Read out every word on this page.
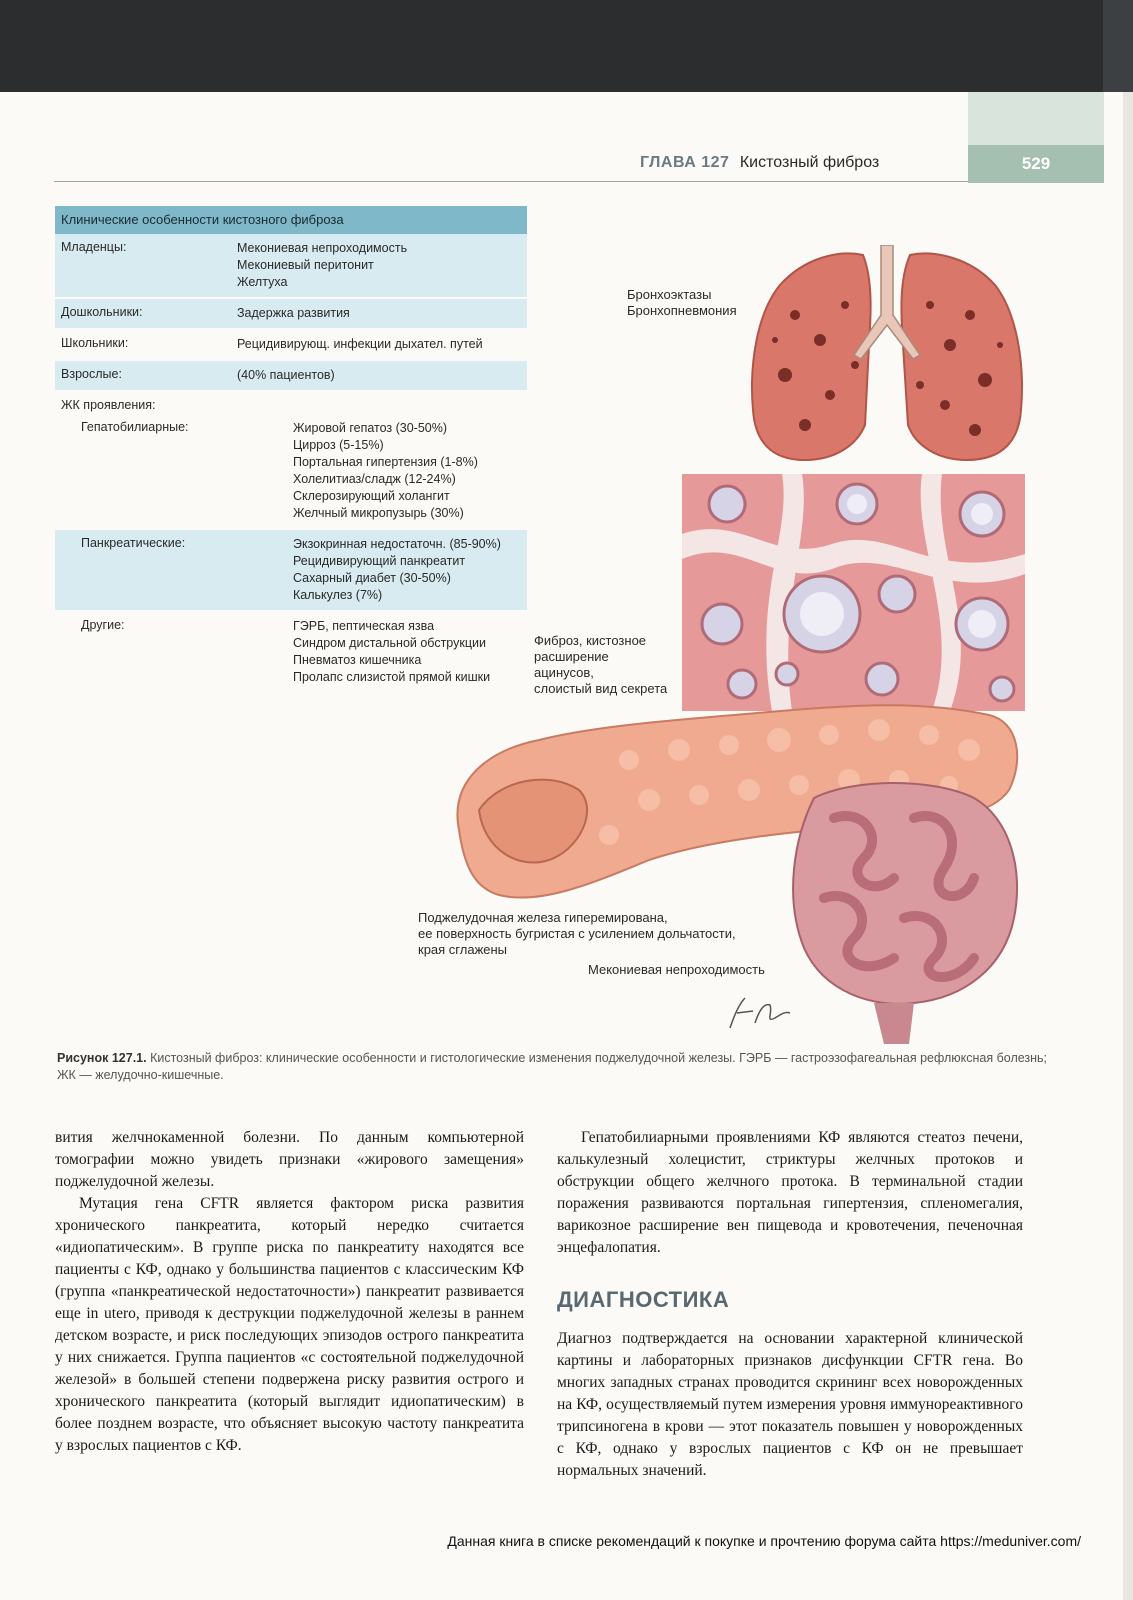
ГЛАВА 127 Кистозный фиброз	529
Клинические особенности кистозного фиброза
Младенцы:	Мекониевая непроходимость
Мекониевый перитонит
Желтуха
Дошкольники:	Задержка развития
Школьники:	Рецидивирующ. инфекции дыхател. путей
Взрослые:	(40% пациентов)
ЖК проявления:
Гепатобилиарные:	Жировой гепатоз (30-50%)
Цирроз (5-15%)
Портальная гипертензия (1-8%)
Холелитиаз/сладж (12-24%)
Склерозирующий холангит
Желчный микропузырь (30%)
Панкреатические:	Экзокринная недостаточн. (85-90%)
Рецидивирующий панкреатит
Сахарный диабет (30-50%)
Калькулез (7%)
Другие:	ГЭРБ, пептическая язва
Синдром дистальной обструкции
Пневматоз кишечника
Пролапс слизистой прямой кишки
Бронхоэктазы
Бронхопневмония
Фиброз, кистозное
расширение
ацинусов,
слоистый вид секрета
Поджелудочная железа гиперемирована,
ее поверхность бугристая с усилением дольчатости,
края сглажены
Мекониевая непроходимость
Рисунок 127.1. Кистозный фиброз: клинические особенности и гистологические изменения поджелудочной железы. ГЭРБ — гастроэзофагеальная рефлюксная болезнь; ЖК — желудочно-кишечные.

вития желчнокаменной болезни. По данным компьютерной томографии можно увидеть признаки «жирового замещения» поджелудочной железы.

Мутация гена CFTR является фактором риска развития хронического панкреатита, который нередко считается «идиопатическим». В группе риска по панкреатиту находятся все пациенты с КФ, однако у большинства пациентов с классическим КФ (группа «панкреатической недостаточности») панкреатит развивается еще in utero, приводя к деструкции поджелудочной железы в раннем детском возрасте, и риск последующих эпизодов острого панкреатита у них снижается. Группа пациентов «с состоятельной поджелудочной железой» в большей степени подвержена риску развития острого и хронического панкреатита (который выглядит идиопатическим) в более позднем возрасте, что объясняет высокую частоту панкреатита у взрослых пациентов с КФ.

Гепатобилиарными проявлениями КФ являются стеатоз печени, калькулезный холецистит, стриктуры желчных протоков и обструкции общего желчного протока. В терминальной стадии поражения развиваются портальная гипертензия, спленомегалия, варикозное расширение вен пищевода и кровотечения, печеночная энцефалопатия.

ДИАГНОСТИКА

Диагноз подтверждается на основании характерной клинической картины и лабораторных признаков дисфункции CFTR гена. Во многих западных странах проводится скрининг всех новорожденных на КФ, осуществляемый путем измерения уровня иммунореактивного трипсиногена в крови — этот показатель повышен у новорожденных с КФ, однако у взрослых пациентов с КФ он не превышает нормальных значений.

Данная книга в списке рекомендаций к покупке и прочтению форума сайта https://meduniver.com/
